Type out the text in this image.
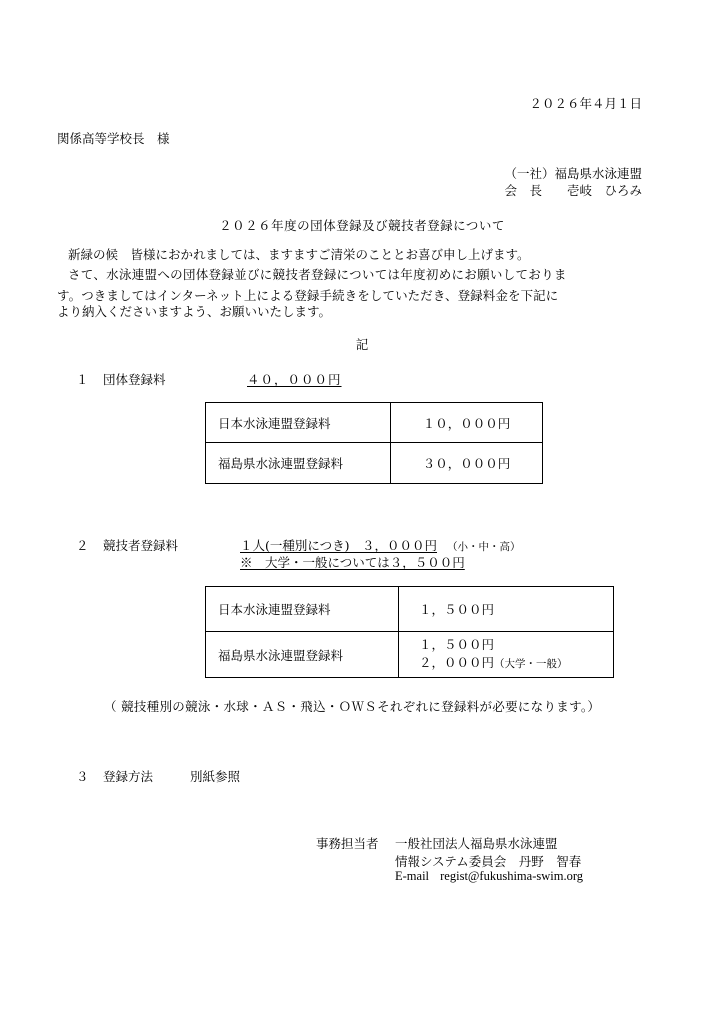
２０２６年４月１日
関係高等学校長　様
（一社）福島県水泳連盟
会　長　　壱岐　ひろみ
２０２６年度の団体登録及び競技者登録について
新緑の候　皆様におかれましては、ますますご清栄のこととお喜び申し上げます。
さて、水泳連盟への団体登録並びに競技者登録については年度初めにお願いしておりま
す。つきましてはインターネット上による登録手続きをしていただき、登録料金を下記に
より納入くださいますよう、お願いいたします。
記
１ 団体登録料	４０，０００円
日本水泳連盟登録料	１０，０００円
福島県水泳連盟登録料	３０，０００円
２ 競技者登録料	１人(一種別につき)　３，０００円 （小・中・高）
※　大学・一般については３，５００円
日本水泳連盟登録料	１，５００円
福島県水泳連盟登録料	１，５００円
２，０００円（大学・一般）
（ 競技種別の競泳・水球・ＡＳ・飛込・ＯＷＳそれぞれに登録料が必要になります。）
３ 登録方法	別紙参照
事務担当者 一般社団法人福島県水泳連盟
情報システム委員会　丹野　智春
E-mail regist@fukushima-swim.org
